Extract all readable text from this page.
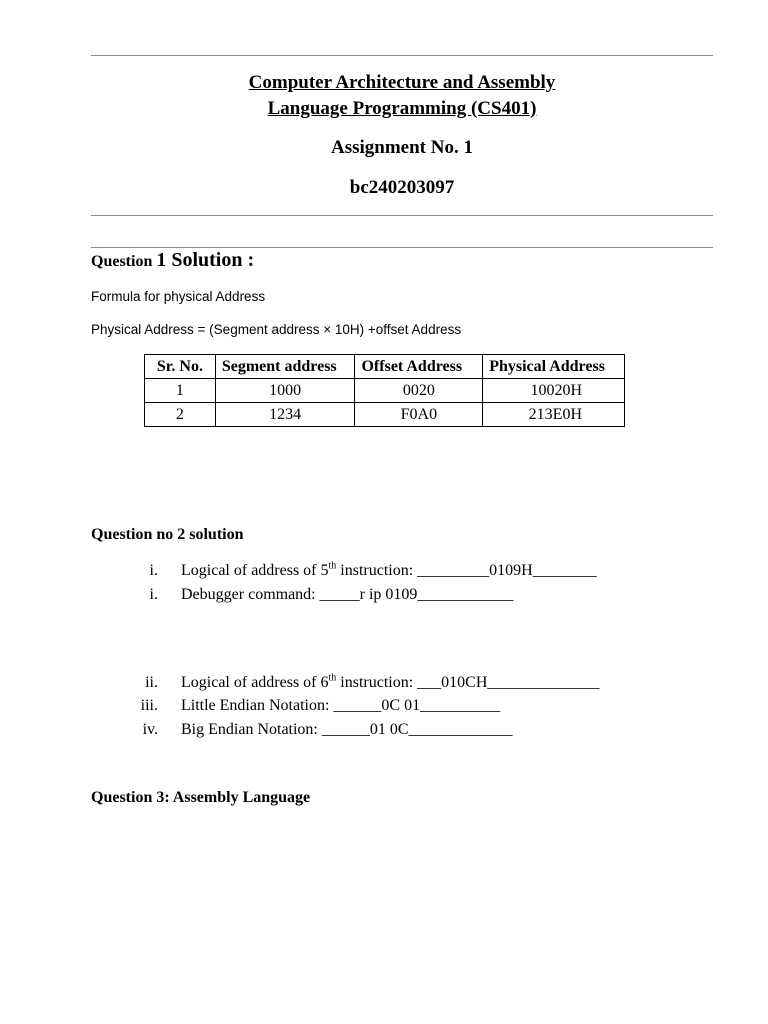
Computer Architecture and Assembly
Language Programming (CS401)
Assignment No. 1
bc240203097
Question 1 Solution :
Formula for physical Address
Physical Address = (Segment address × 10H) +offset Address
Sr. No.	Segment address	Offset Address	Physical Address
1	1000	0020	10020H
2	1234	F0A0	213E0H
Question no 2 solution
i. Logical of address of 5th instruction: _________0109H________
i. Debugger command: _____r ip 0109____________
ii. Logical of address of 6th instruction: ___010CH______________
iii. Little Endian Notation: ______0C 01__________
iv. Big Endian Notation: ______01 0C_____________
Question 3: Assembly Language
